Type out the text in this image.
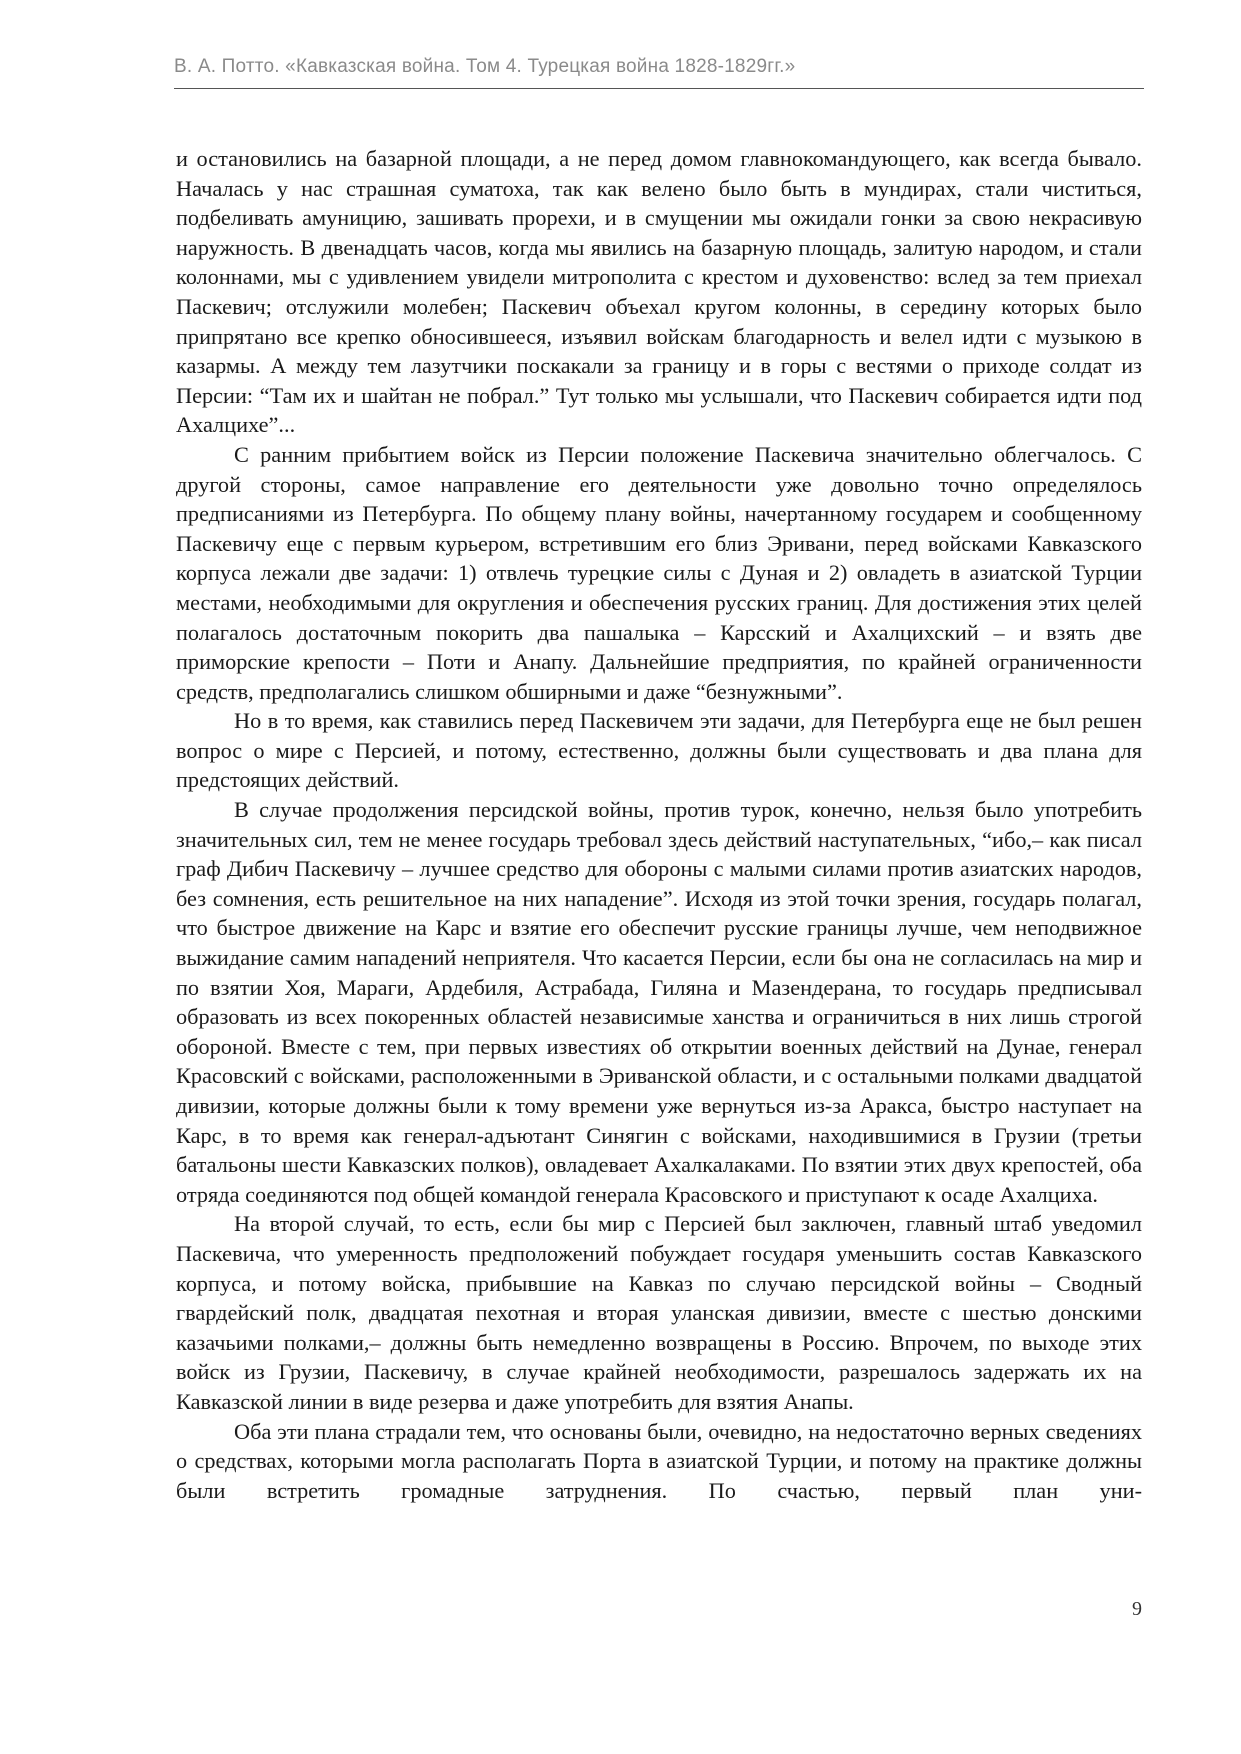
В. А. Потто. «Кавказская война. Том 4. Турецкая война 1828-1829гг.»

и остановились на базарной площади, а не перед домом главнокомандующего, как всегда бывало. Началась у нас страшная суматоха, так как велено было быть в мундирах, стали чиститься, подбеливать амуницию, зашивать прорехи, и в смущении мы ожидали гонки за свою некрасивую наружность. В двенадцать часов, когда мы явились на базарную площадь, залитую народом, и стали колоннами, мы с удивлением увидели митрополита с крестом и духовенство: вслед за тем приехал Паскевич; отслужили молебен; Паскевич объехал кругом колонны, в середину которых было припрятано все крепко обносившееся, изъявил войскам благодарность и велел идти с музыкою в казармы. А между тем лазутчики поскакали за границу и в горы с вестями о приходе солдат из Персии: “Там их и шайтан не побрал.” Тут только мы услышали, что Паскевич собирается идти под Ахалцихе”...

С ранним прибытием войск из Персии положение Паскевича значительно облегчалось. С другой стороны, самое направление его деятельности уже довольно точно определялось предписаниями из Петербурга. По общему плану войны, начертанному государем и сообщенному Паскевичу еще с первым курьером, встретившим его близ Эривани, перед войсками Кавказского корпуса лежали две задачи: 1) отвлечь турецкие силы с Дуная и 2) овладеть в азиатской Турции местами, необходимыми для округления и обеспечения русских границ. Для достижения этих целей полагалось достаточным покорить два пашалыка – Карсский и Ахалцихский – и взять две приморские крепости – Поти и Анапу. Дальнейшие предприятия, по крайней ограниченности средств, предполагались слишком обширными и даже “безнужными”.

Но в то время, как ставились перед Паскевичем эти задачи, для Петербурга еще не был решен вопрос о мире с Персией, и потому, естественно, должны были существовать и два плана для предстоящих действий.

В случае продолжения персидской войны, против турок, конечно, нельзя было употребить значительных сил, тем не менее государь требовал здесь действий наступательных, “ибо,– как писал граф Дибич Паскевичу – лучшее средство для обороны с малыми силами против азиатских народов, без сомнения, есть решительное на них нападение”. Исходя из этой точки зрения, государь полагал, что быстрое движение на Карс и взятие его обеспечит русские границы лучше, чем неподвижное выжидание самим нападений неприятеля. Что касается Персии, если бы она не согласилась на мир и по взятии Хоя, Мараги, Ардебиля, Астрабада, Гиляна и Мазендерана, то государь предписывал образовать из всех покоренных областей независимые ханства и ограничиться в них лишь строгой обороной. Вместе с тем, при первых известиях об открытии военных действий на Дунае, генерал Красовский с войсками, расположенными в Эриванской области, и с остальными полками двадцатой дивизии, которые должны были к тому времени уже вернуться из-за Аракса, быстро наступает на Карс, в то время как генерал-адъютант Синягин с войсками, находившимися в Грузии (третьи батальоны шести Кавказских полков), овладевает Ахалкалаками. По взятии этих двух крепостей, оба отряда соединяются под общей командой генерала Красовского и приступают к осаде Ахалциха.

На второй случай, то есть, если бы мир с Персией был заключен, главный штаб уведомил Паскевича, что умеренность предположений побуждает государя уменьшить состав Кавказского корпуса, и потому войска, прибывшие на Кавказ по случаю персидской войны – Сводный гвардейский полк, двадцатая пехотная и вторая уланская дивизии, вместе с шестью донскими казачьими полками,– должны быть немедленно возвращены в Россию. Впрочем, по выходе этих войск из Грузии, Паскевичу, в случае крайней необходимости, разрешалось задержать их на Кавказской линии в виде резерва и даже употребить для взятия Анапы.

Оба эти плана страдали тем, что основаны были, очевидно, на недостаточно верных сведениях о средствах, которыми могла располагать Порта в азиатской Турции, и потому на практике должны были встретить громадные затруднения. По счастью, первый план уни-

9
